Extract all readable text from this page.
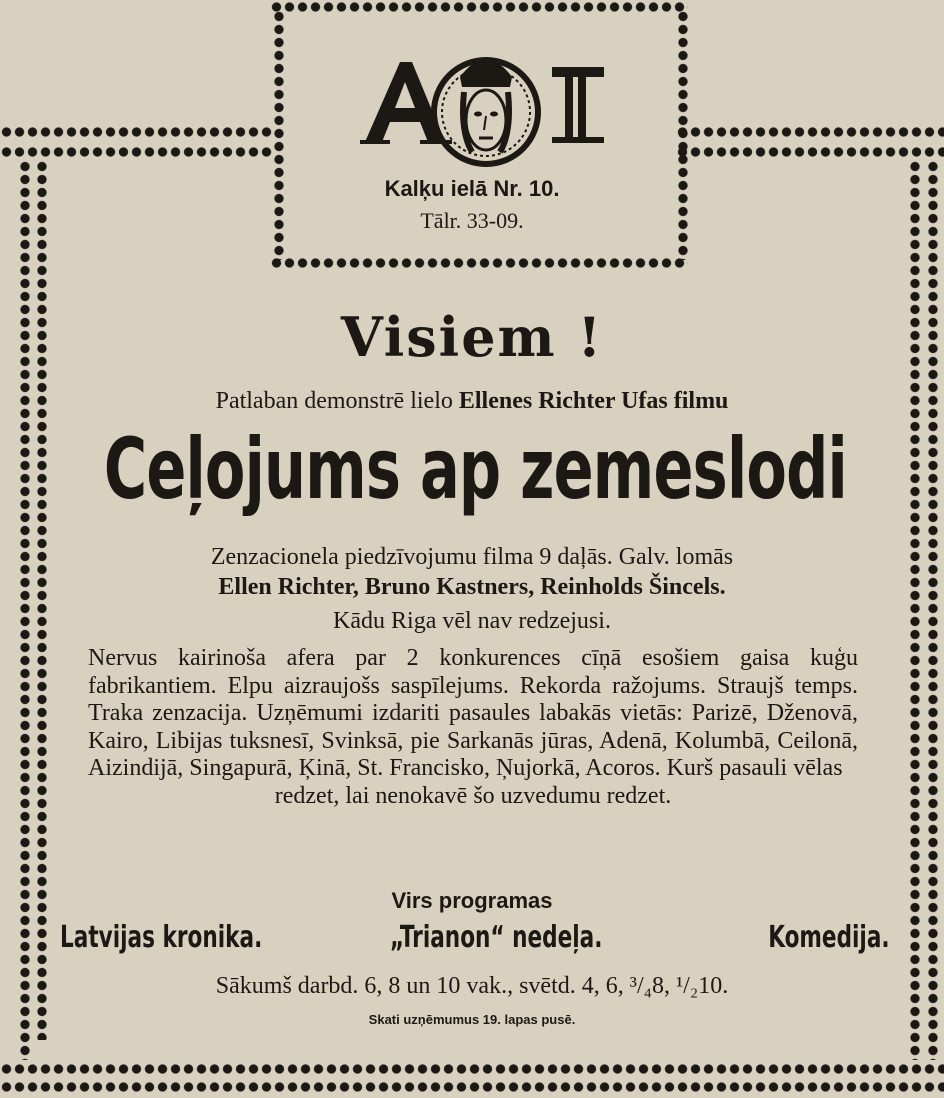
Kalķu ielā Nr. 10.
Tālr. 33-09.
Visiem !
Patlaban demonstrē lielo Ellenes Richter Ufas filmu
Ceļojums ap zemeslodi
Zenzacionela piedzīvojumu filma 9 daļās. Galv. lomās
Ellen Richter, Bruno Kastners, Reinholds Šincels.
Kādu Riga vēl nav redzejusi.
Nervus kairinoša afera par 2 konkurences cīņā esošiem gaisa kuģu fabrikantiem. Elpu aizraujošs saspīlejums. Rekorda ražojums. Straujš temps. Traka zenzacija. Uzņēmumi izdariti pasaules labakās vietās: Parizē, Dženovā, Kairo, Libijas tuksnesī, Svinksā, pie Sarkanās jūras, Adenā, Kolumbā, Ceilonā, Aizindijā, Singapurā, Ķinā, St. Francisko, Ņujorkā, Acoros. Kurš pasauli vēlas
redzet, lai nenokavē šo uzvedumu redzet.
Virs programas
Latvijas kronika.	„Trianon“ nedeļa.	Komedija.
Sākumš darbd. 6, 8 un 10 vak., svētd. 4, 6, ³/₄8, ¹/₂10.
Skati uzņēmumus 19. lapas pusē.
